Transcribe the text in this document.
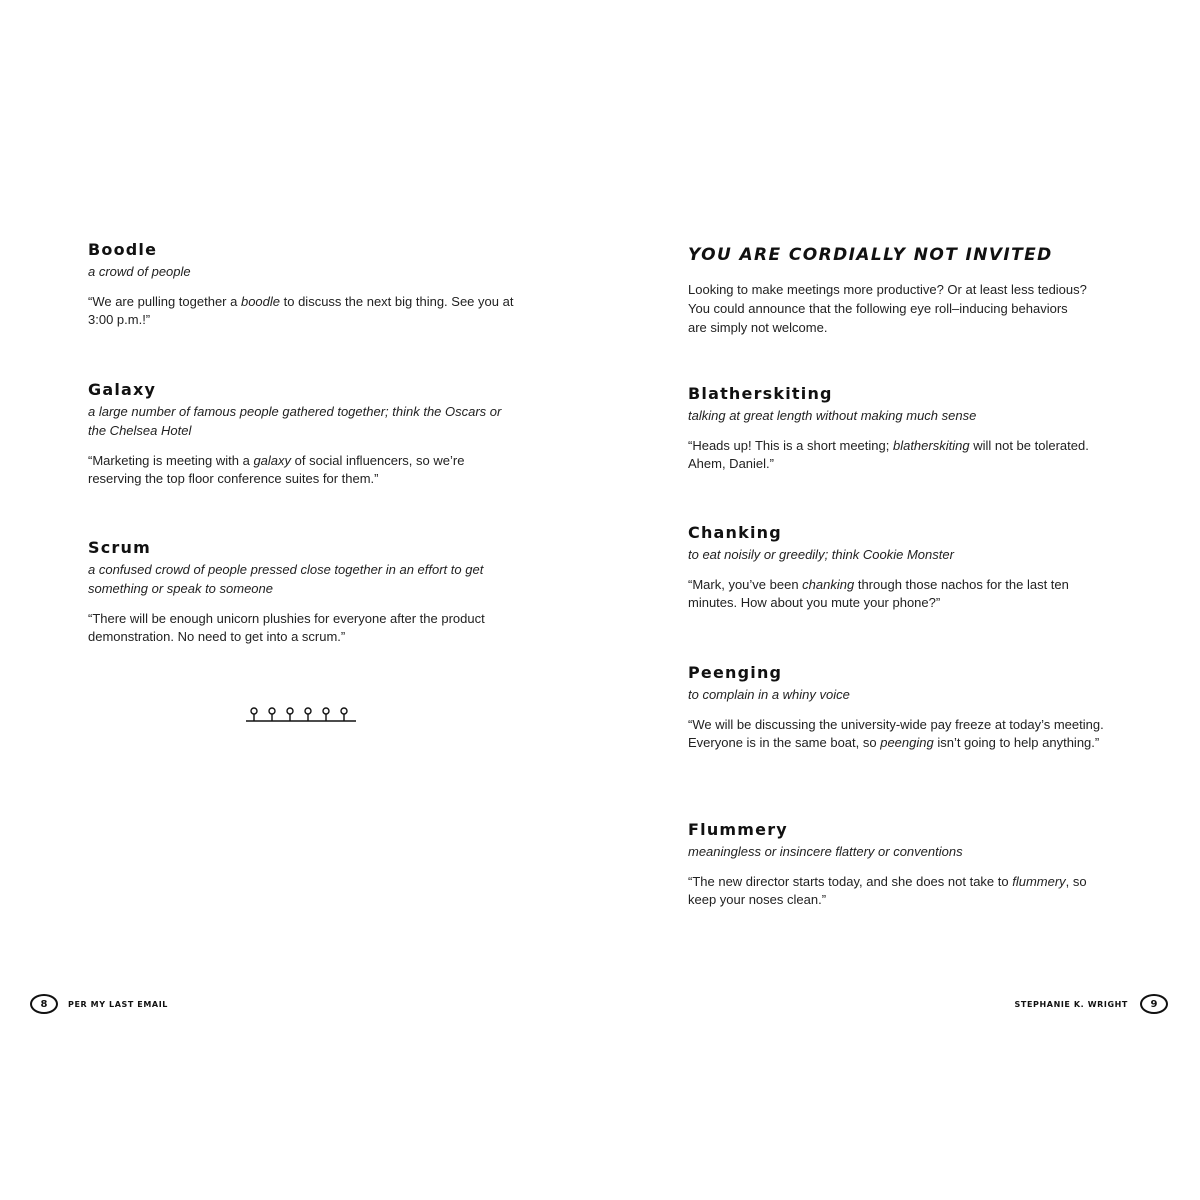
Boodle

a crowd of people

“We are pulling together a boodle to discuss the next big thing. See you at 3:00 p.m.!”

Galaxy

a large number of famous people gathered together; think the Oscars or the Chelsea Hotel

“Marketing is meeting with a galaxy of social influencers, so we’re reserving the top floor conference suites for them.”

Scrum

a confused crowd of people pressed close together in an effort to get something or speak to someone

“There will be enough unicorn plushies for everyone after the product demonstration. No need to get into a scrum.”

8	PER MY LAST EMAIL
YOU ARE CORDIALLY NOT INVITED

Looking to make meetings more productive? Or at least less tedious? You could announce that the following eye roll–inducing behaviors are simply not welcome.

Blatherskiting

talking at great length without making much sense

“Heads up! This is a short meeting; blatherskiting will not be tolerated. Ahem, Daniel.”

Chanking

to eat noisily or greedily; think Cookie Monster

“Mark, you’ve been chanking through those nachos for the last ten minutes. How about you mute your phone?”

Peenging

to complain in a whiny voice

“We will be discussing the university-wide pay freeze at today’s meeting. Everyone is in the same boat, so peenging isn’t going to help anything.”

Flummery

meaningless or insincere flattery or conventions

“The new director starts today, and she does not take to flummery, so keep your noses clean.”

STEPHANIE K. WRIGHT	9
